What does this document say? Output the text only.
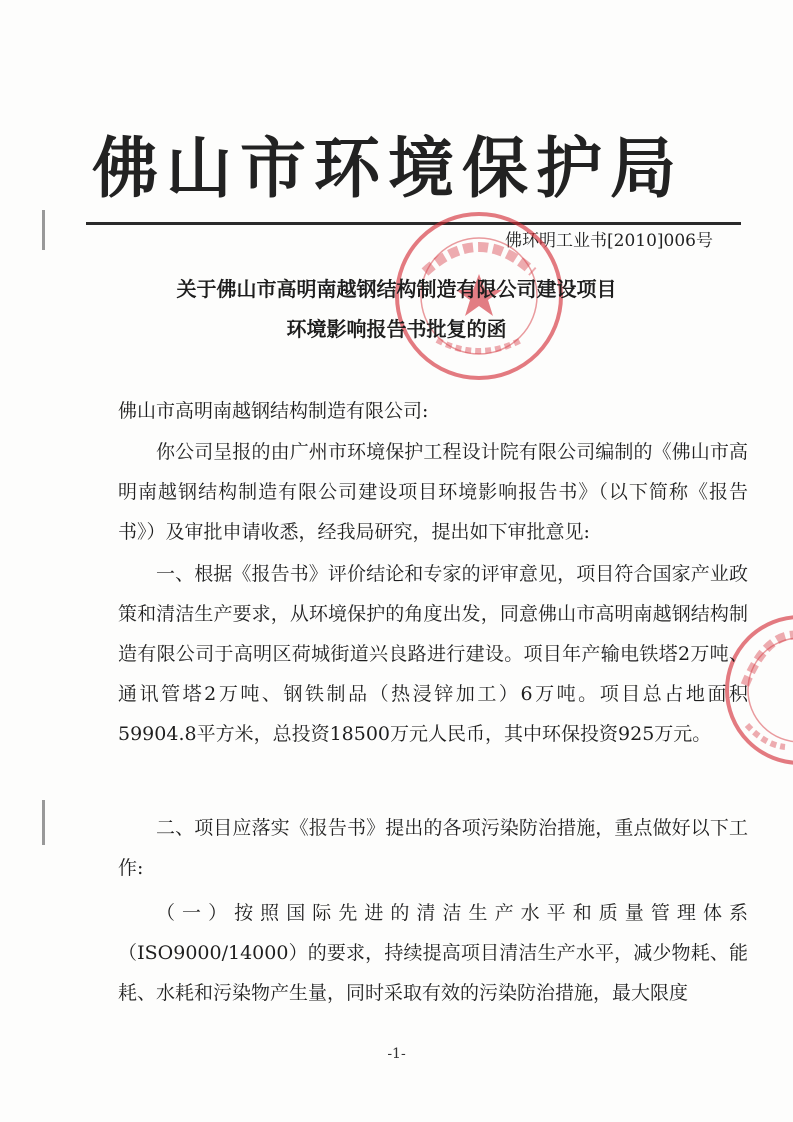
佛山市环境保护局
佛环明工业书[2010]006号
关于佛山市高明南越钢结构制造有限公司建设项目
环境影响报告书批复的函
佛山市高明南越钢结构制造有限公司:

你公司呈报的由广州市环境保护工程设计院有限公司编制的《佛山市高明南越钢结构制造有限公司建设项目环境影响报告书》（以下简称《报告书》）及审批申请收悉，经我局研究，提出如下审批意见:

一、根据《报告书》评价结论和专家的评审意见，项目符合国家产业政策和清洁生产要求，从环境保护的角度出发，同意佛山市高明南越钢结构制造有限公司于高明区荷城街道兴良路进行建设。项目年产输电铁塔2万吨、通讯管塔2万吨、钢铁制品（热浸锌加工）6万吨。项目总占地面积59904.8平方米，总投资18500万元人民币，其中环保投资925万元。

二、项目应落实《报告书》提出的各项污染防治措施，重点做好以下工作:

（一）按照国际先进的清洁生产水平和质量管理体系（ISO9000/14000）的要求，持续提高项目清洁生产水平，减少物耗、能耗、水耗和污染物产生量，同时采取有效的污染防治措施，最大限度

-1-
